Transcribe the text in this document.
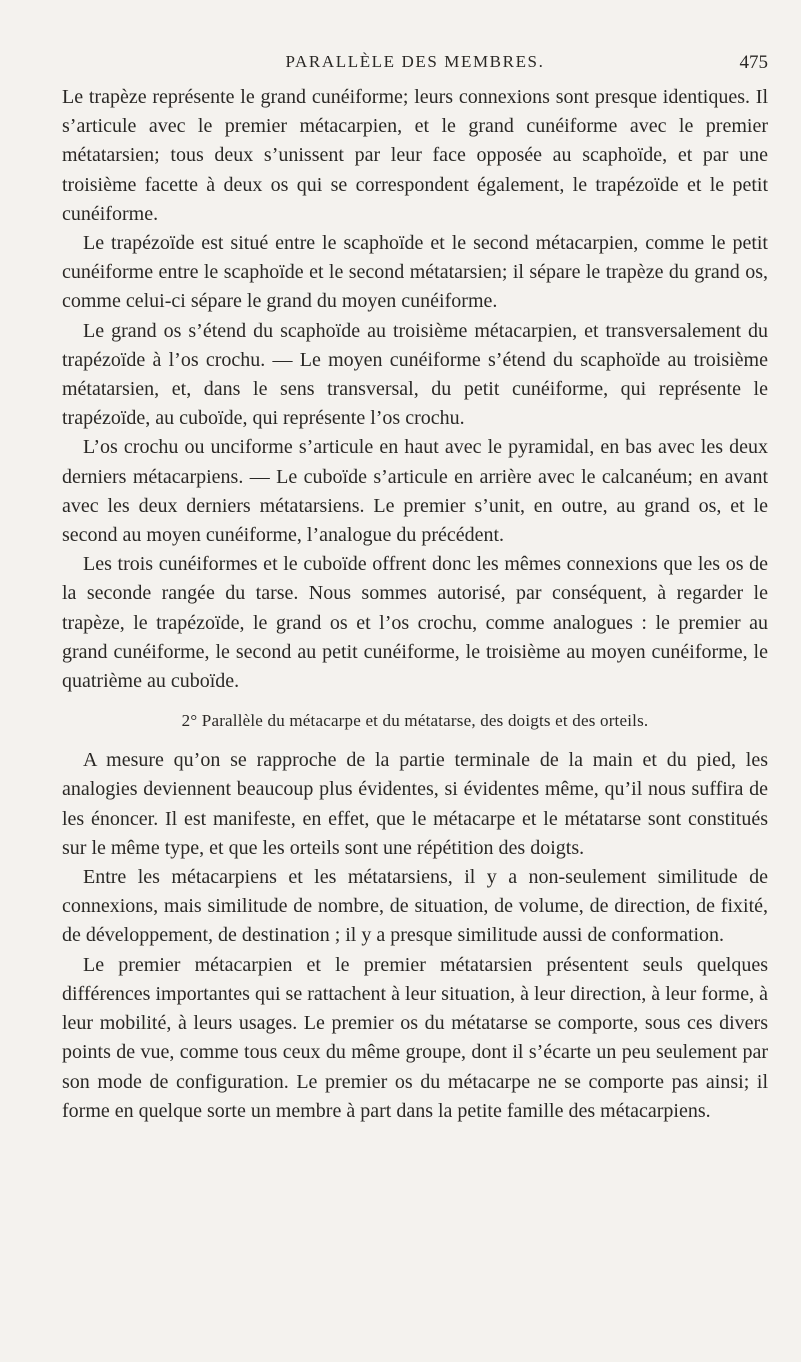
PARALLÈLE DES MEMBRES.	475

Le trapèze représente le grand cunéiforme; leurs connexions sont presque identiques. Il s’articule avec le premier métacarpien, et le grand cunéiforme avec le premier métatarsien; tous deux s’unissent par leur face opposée au scaphoïde, et par une troisième facette à deux os qui se correspondent également, le trapézoïde et le petit cunéiforme.

Le trapézoïde est situé entre le scaphoïde et le second métacarpien, comme le petit cunéiforme entre le scaphoïde et le second métatarsien; il sépare le trapèze du grand os, comme celui-ci sépare le grand du moyen cunéiforme.

Le grand os s’étend du scaphoïde au troisième métacarpien, et transversalement du trapézoïde à l’os crochu. — Le moyen cunéiforme s’étend du scaphoïde au troisième métatarsien, et, dans le sens transversal, du petit cunéiforme, qui représente le trapézoïde, au cuboïde, qui représente l’os crochu.

L’os crochu ou unciforme s’articule en haut avec le pyramidal, en bas avec les deux derniers métacarpiens. — Le cuboïde s’articule en arrière avec le calcanéum; en avant avec les deux derniers métatarsiens. Le premier s’unit, en outre, au grand os, et le second au moyen cunéiforme, l’analogue du précédent.

Les trois cunéiformes et le cuboïde offrent donc les mêmes connexions que les os de la seconde rangée du tarse. Nous sommes autorisé, par conséquent, à regarder le trapèze, le trapézoïde, le grand os et l’os crochu, comme analogues : le premier au grand cunéiforme, le second au petit cunéiforme, le troisième au moyen cunéiforme, le quatrième au cuboïde.

2° Parallèle du métacarpe et du métatarse, des doigts et des orteils.

A mesure qu’on se rapproche de la partie terminale de la main et du pied, les analogies deviennent beaucoup plus évidentes, si évidentes même, qu’il nous suffira de les énoncer. Il est manifeste, en effet, que le métacarpe et le métatarse sont constitués sur le même type, et que les orteils sont une répétition des doigts.

Entre les métacarpiens et les métatarsiens, il y a non-seulement similitude de connexions, mais similitude de nombre, de situation, de volume, de direction, de fixité, de développement, de destination ; il y a presque similitude aussi de conformation.

Le premier métacarpien et le premier métatarsien présentent seuls quelques différences importantes qui se rattachent à leur situation, à leur direction, à leur forme, à leur mobilité, à leurs usages. Le premier os du métatarse se comporte, sous ces divers points de vue, comme tous ceux du même groupe, dont il s’écarte un peu seulement par son mode de configuration. Le premier os du métacarpe ne se comporte pas ainsi; il forme en quelque sorte un membre à part dans la petite famille des métacarpiens.
